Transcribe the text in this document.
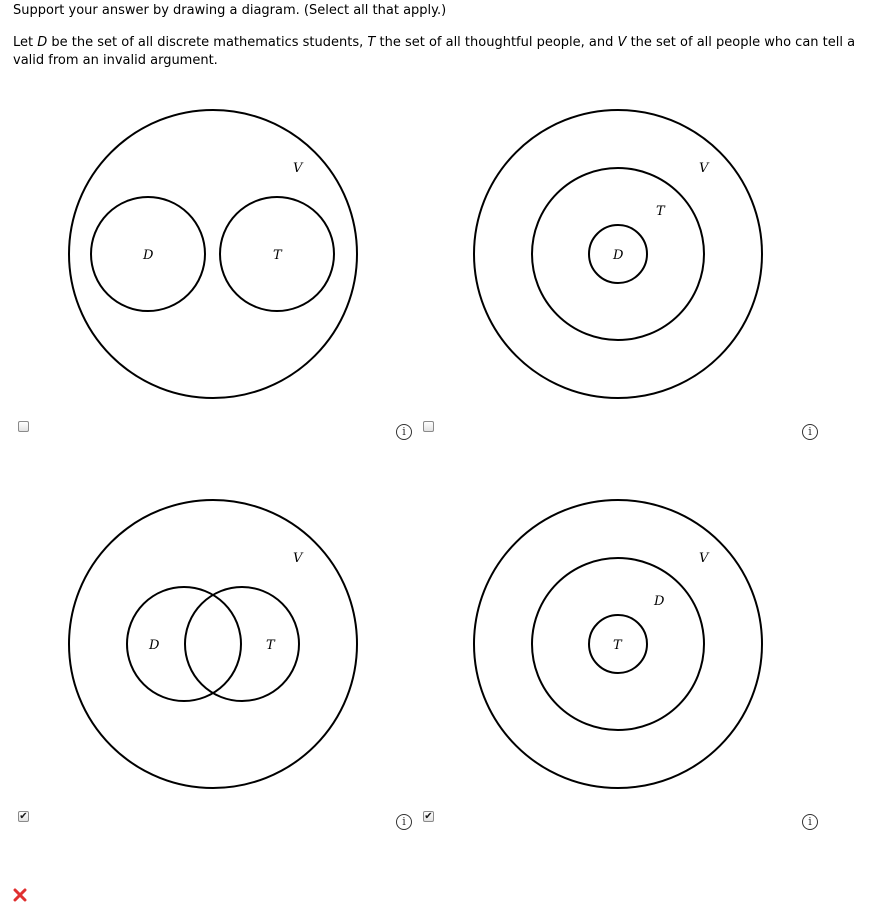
Support your answer by drawing a diagram. (Select all that apply.)
Let D be the set of all discrete mathematics students, T the set of all thoughtful people, and V the set of all people who can tell a valid from an invalid argument.
V
D	T
V
T
D
V
D	T
V
D
T
✔	✔
i	i
i	i
